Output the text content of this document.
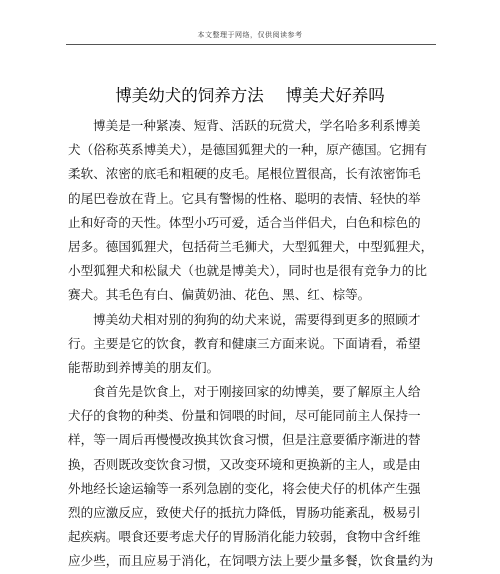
本文整理于网络，仅供阅读参考
博美幼犬的饲养方法 博美犬好养吗
博美是一种紧凑、短背、活跃的玩赏犬，学名哈多利系博美
犬（俗称英系博美犬），是德国狐狸犬的一种，原产德国。它拥有
柔软、浓密的底毛和粗硬的皮毛。尾根位置很高，长有浓密饰毛
的尾巴卷放在背上。它具有警惕的性格、聪明的表情、轻快的举
止和好奇的天性。体型小巧可爱，适合当伴侣犬，白色和棕色的
居多。德国狐狸犬，包括荷兰毛狮犬，大型狐狸犬，中型狐狸犬，
小型狐狸犬和松鼠犬（也就是博美犬），同时也是很有竞争力的比
赛犬。其毛色有白、偏黄奶油、花色、黑、红、棕等。
博美幼犬相对别的狗狗的幼犬来说，需要得到更多的照顾才
行。主要是它的饮食，教育和健康三方面来说。下面请看，希望
能帮助到养博美的朋友们。
食首先是饮食上，对于刚接回家的幼博美，要了解原主人给
犬仔的食物的种类、份量和饲喂的时间，尽可能同前主人保持一
样，等一周后再慢慢改换其饮食习惯，但是注意要循序渐进的替
换，否则既改变饮食习惯，又改变环境和更换新的主人，或是由
外地经长途运输等一系列急剧的变化，将会使犬仔的机体产生强
烈的应激反应，致使犬仔的抵抗力降低，胃肠功能紊乱，极易引
起疾病。喂食还要考虑犬仔的胃肠消化能力较弱，食物中含纤维
应少些，而且应易于消化，在饲喂方法上要少量多餐，饮食量约为
